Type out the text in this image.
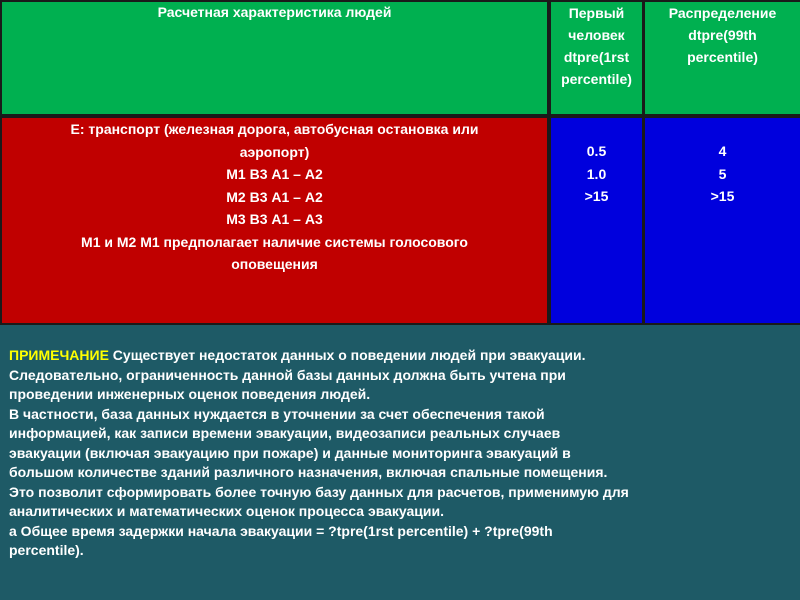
Расчетная характеристика людей	Первый
человек
dtpre(1rst
percentile)
Распределение
dtpre(99th
percentile)
Е: транспорт (железная дорога, автобусная остановка или
аэропорт)
М1 В3 А1 – А2
М2 В3 А1 – А2
М3 В3 А1 – А3
М1 и М2 М1 предполагает наличие системы голосового
оповещения
0.5
1.0
>15
4
5
>15
ПРИМЕЧАНИЕ Существует недостаток данных о поведении людей при эвакуации.
Следовательно, ограниченность данной базы данных должна быть учтена при
проведении инженерных оценок поведения людей.
В частности, база данных нуждается в уточнении за счет обеспечения такой
информацией, как записи времени эвакуации, видеозаписи реальных случаев
эвакуации (включая эвакуацию при пожаре) и данные мониторинга эвакуаций в
большом количестве зданий различного назначения, включая спальные помещения.
Это позволит сформировать более точную базу данных для расчетов, применимую для
аналитических и математических оценок процесса эвакуации.
a Общее время задержки начала эвакуации = ?tpre(1rst percentile) + ?tpre(99th
percentile).
